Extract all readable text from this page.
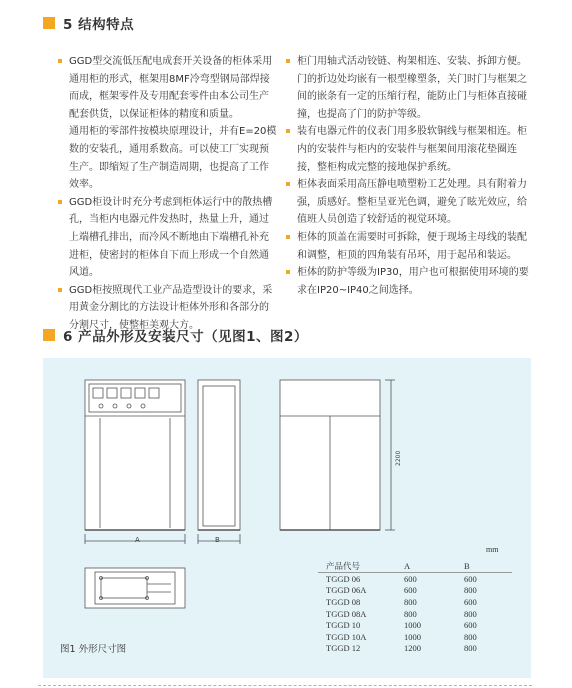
5 结构特点

GGD型交流低压配电成套开关设备的柜体采用通用柜的形式，框架用8MF冷弯型钢局部焊接而成，框架零件及专用配套零件由本公司生产配套供货，以保证柜体的精度和质量。

通用柜的零部件按模块原理设计，并有E=20模数的安装孔，通用系数高。可以使工厂实现预生产。即缩短了生产制造周期，也提高了工作效率。

GGD柜设计时充分考虑到柜体运行中的散热槽孔，当柜内电器元件发热时，热量上升，通过上端槽孔排出，而冷风不断地由下端槽孔补充进柜，使密封的柜体自下而上形成一个自然通风道。

GGD柜按照现代工业产品造型设计的要求，采用黄金分割比的方法设计柜体外形和各部分的分割尺寸，使整柜美观大方。

柜门用轴式活动铰链、构架相连、安装、拆卸方便。门的折边处均嵌有一根型橡塑条，关门时门与框架之间的嵌条有一定的压缩行程，能防止门与柜体直接碰撞，也提高了门的防护等级。

装有电器元件的仪表门用多股软铜线与框架相连。柜内的安装件与柜内的安装件与框架间用滚花垫圈连接，整柜构成完整的接地保护系统。

柜体表面采用高压静电喷塑粉工艺处理。具有附着力强，质感好。整柜呈亚光色调，避免了眩光效应，给值班人员创造了较舒适的视觉环境。

柜体的顶盖在需要时可拆除，便于现场主母线的装配和调整，柜顶的四角装有吊环，用于起吊和装运。

柜体的防护等级为IP30，用户也可根据使用环境的要求在IP20~IP40之间选择。

6 产品外形及安装尺寸（见图1、图2）
A	B
2200
mm
产品代号	A	B
TGGD 06	600	600
TGGD 06A	600	800
TGGD 08	800	600
TGGD 08A	800	800
TGGD 10	1000	600
TGGD 10A	1000	800
TGGD 12	1200	800
图1 外形尺寸图
